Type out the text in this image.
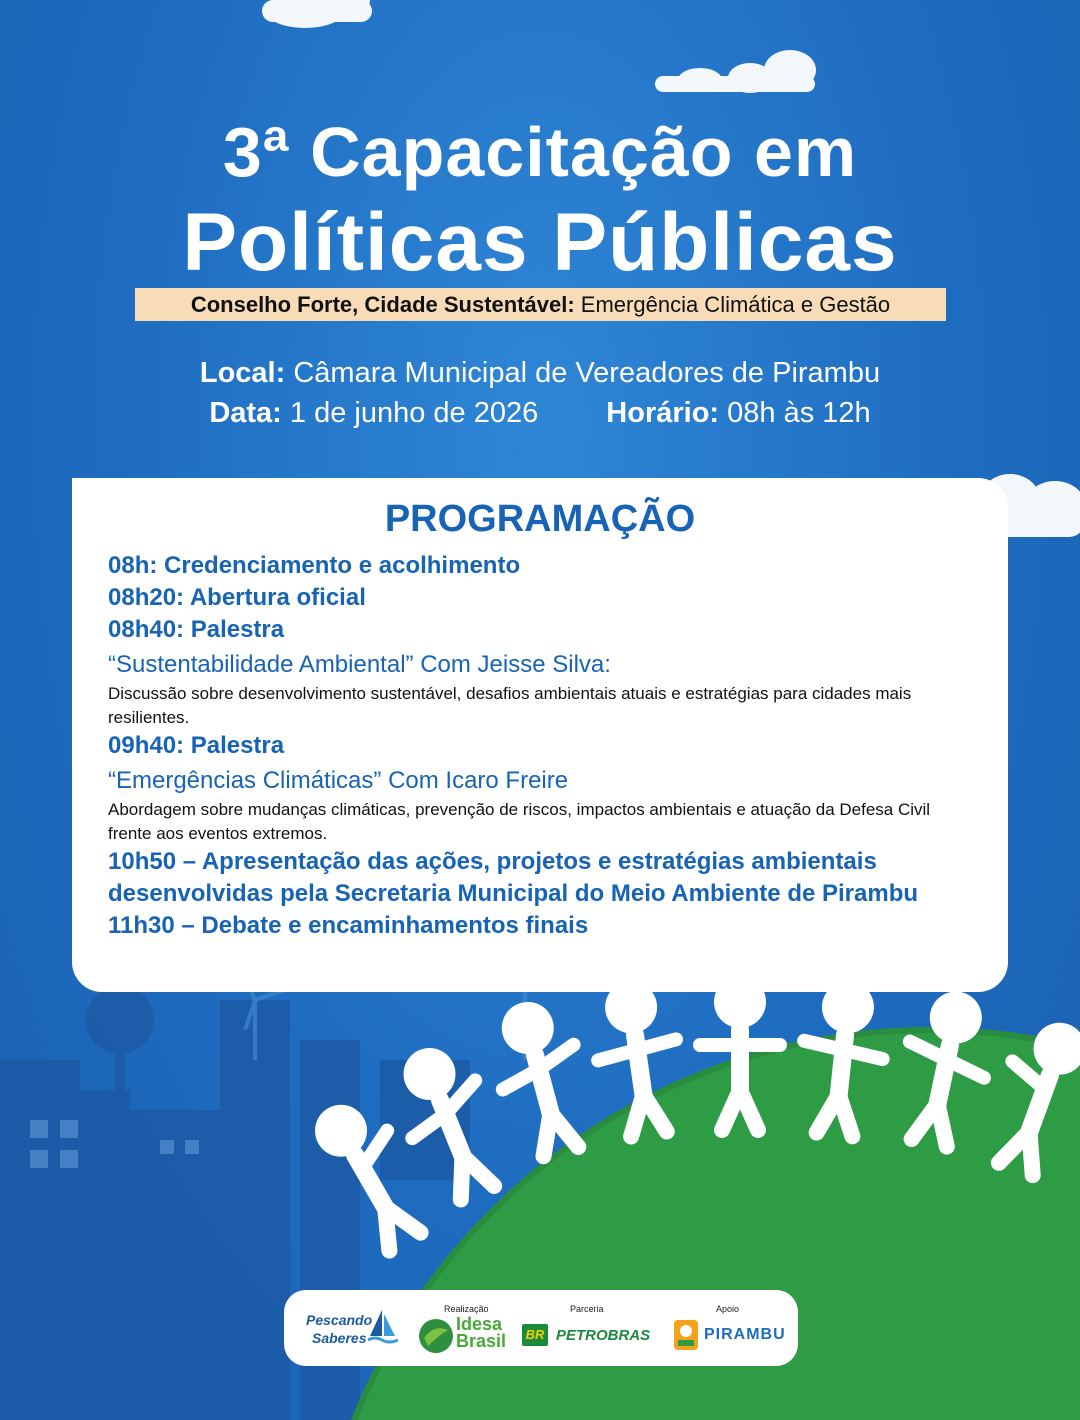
3ª Capacitação em
Políticas Públicas
Conselho Forte, Cidade Sustentável: Emergência Climática e Gestão
Local: Câmara Municipal de Vereadores de Pirambu
Data: 1 de junho de 2026 Horário: 08h às 12h
PROGRAMAÇÃO
08h: Credenciamento e acolhimento
08h20: Abertura oficial
08h40: Palestra
“Sustentabilidade Ambiental” Com Jeisse Silva:
Discussão sobre desenvolvimento sustentável, desafios ambientais atuais e estratégias para cidades mais resilientes.
09h40: Palestra
“Emergências Climáticas” Com Icaro Freire
Abordagem sobre mudanças climáticas, prevenção de riscos, impactos ambientais e atuação da Defesa Civil frente aos eventos extremos.
10h50 – Apresentação das ações, projetos e estratégias ambientais desenvolvidas pela Secretaria Municipal do Meio Ambiente de Pirambu
11h30 – Debate e encaminhamentos finais
Pescando
Saberes
Realização
Idesa
Brasil
Parceria
BR PETROBRAS
Apoio
PIRAMBU
